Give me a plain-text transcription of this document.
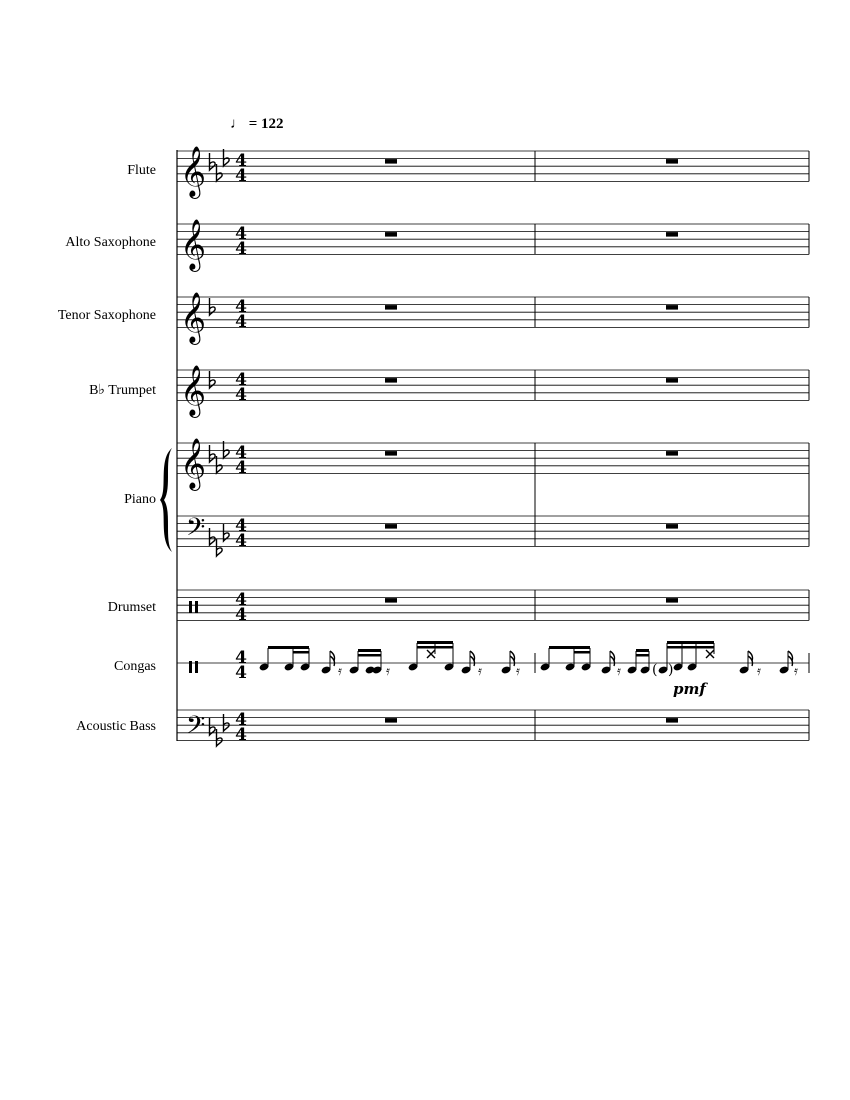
♩ = 122
Flute
Alto Saxophone
Tenor Saxophone
B♭ Trumpet
Piano
Drumset
Congas
Acoustic Bass
𝄞
𝄞
𝄞
𝄞
𝄞
𝄢
𝄢
4
4
4
4
4
4
4
4
4
4
4
4
4
4
4
4
4
4	𝄿	𝄿	𝄿	𝄿	𝄿 ( )	𝄿	𝄿
pmf
